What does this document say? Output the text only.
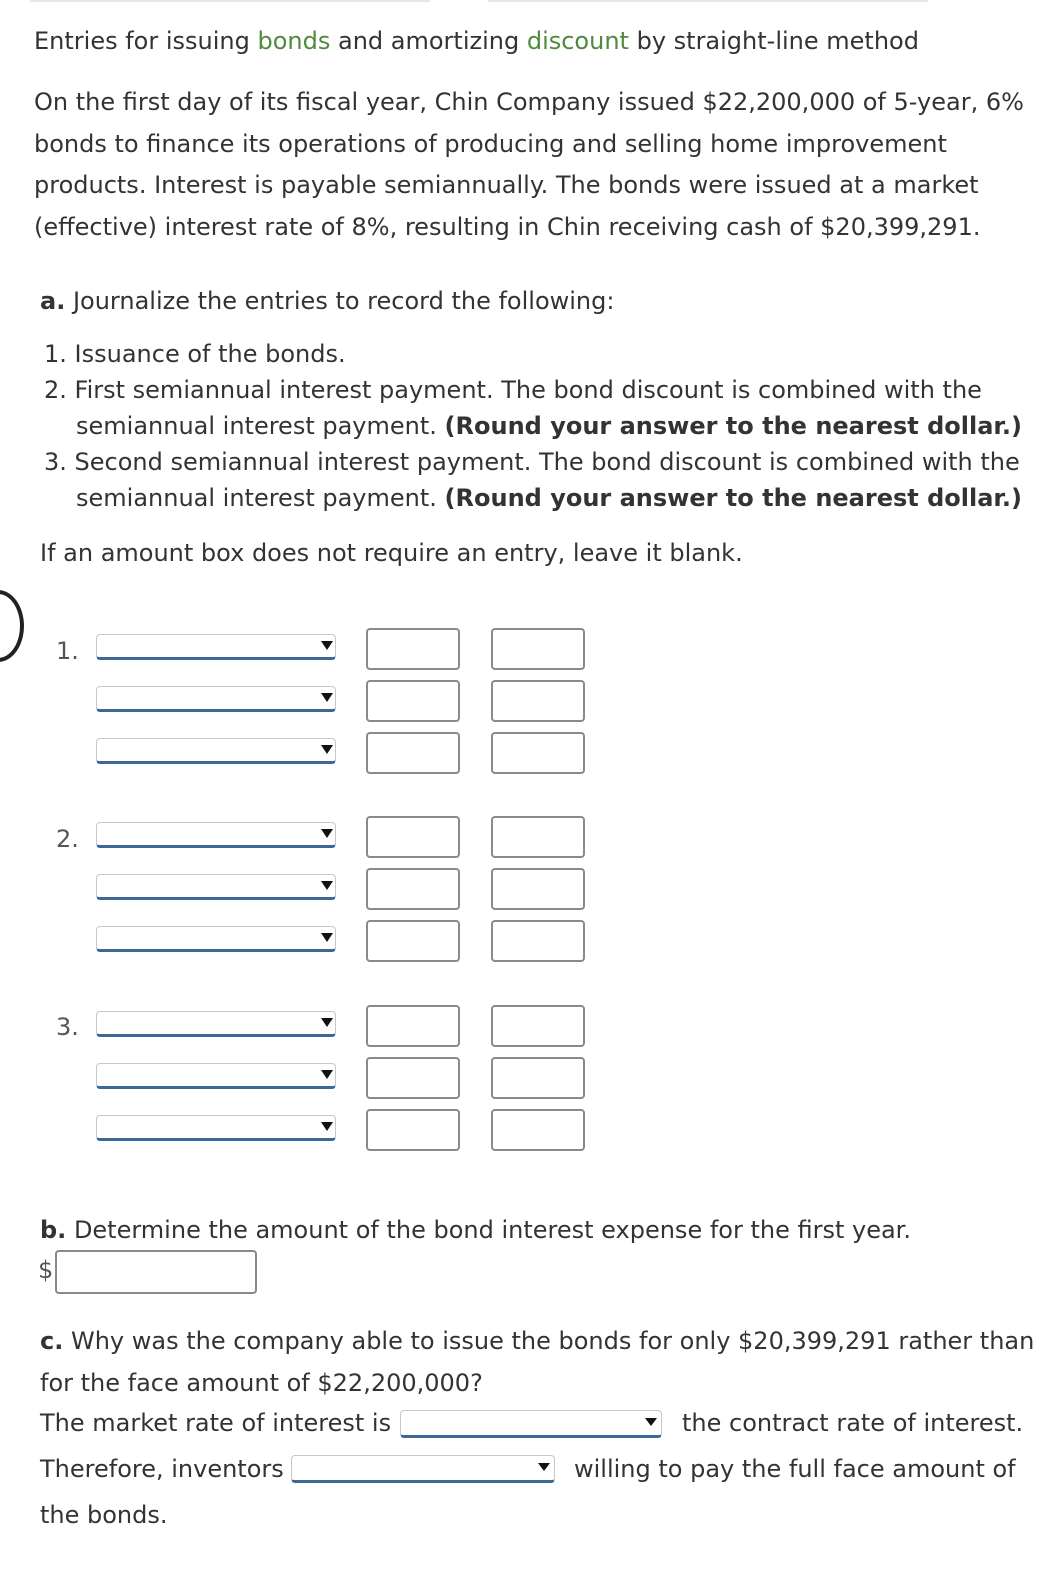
Entries for issuing bonds and amortizing discount by straight-line method
On the first day of its fiscal year, Chin Company issued $22,200,000 of 5-year, 6%
bonds to finance its operations of producing and selling home improvement
products. Interest is payable semiannually. The bonds were issued at a market
(effective) interest rate of 8%, resulting in Chin receiving cash of $20,399,291.
a. Journalize the entries to record the following:
1. Issuance of the bonds.
2. First semiannual interest payment. The bond discount is combined with the
semiannual interest payment. (Round your answer to the nearest dollar.)
3. Second semiannual interest payment. The bond discount is combined with the
semiannual interest payment. (Round your answer to the nearest dollar.)
If an amount box does not require an entry, leave it blank.
1.
2.
3.
b. Determine the amount of the bond interest expense for the first year.
$
c. Why was the company able to issue the bonds for only $20,399,291 rather than
for the face amount of $22,200,000?
The market rate of interest is	the contract rate of interest.
Therefore, inventors	willing to pay the full face amount of
the bonds.
